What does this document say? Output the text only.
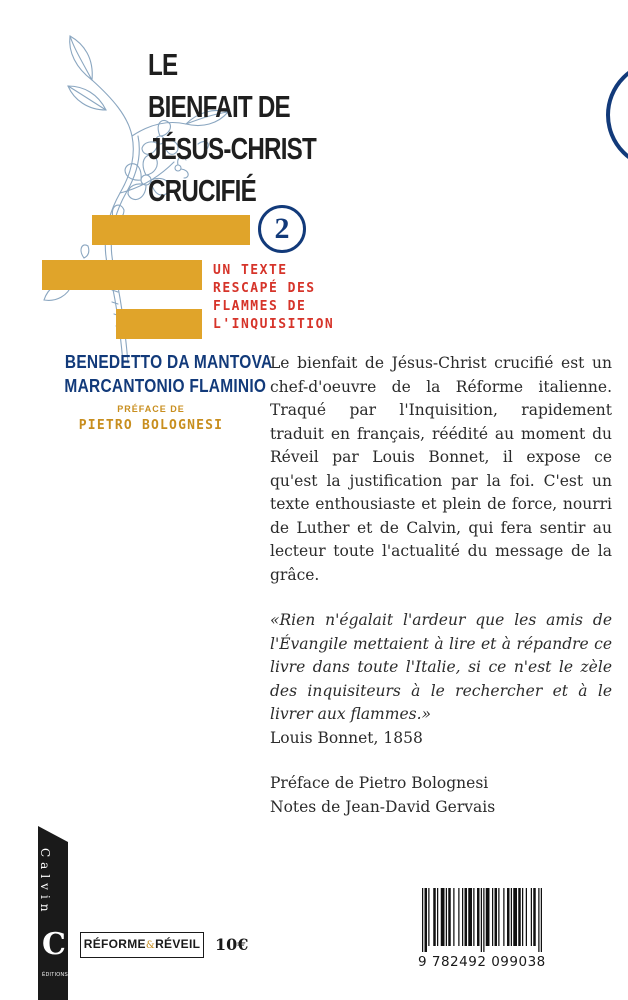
LE
BIENFAIT DE
JÉSUS-CHRIST
CRUCIFIÉ
2
UN TEXTE
RESCAPÉ DES
FLAMMES DE
L'INQUISITION
BENEDETTO DA MANTOVA
MARCANTONIO FLAMINIO
PRÉFACE DE
PIETRO BOLOGNESI

Le bienfait de Jésus-Christ crucifié est un chef-d'oeuvre de la Réforme italienne. Traqué par l'Inquisition, rapidement traduit en français, réédité au moment du Réveil par Louis Bonnet, il expose ce qu'est la justification par la foi. C'est un texte enthousiaste et plein de force, nourri de Luther et de Calvin, qui fera sentir au lecteur toute l'actualité du message de la grâce.

«Rien n'égalait l'ardeur que les amis de l'Évangile mettaient à lire et à répandre ce livre dans toute l'Italie, si ce n'est le zèle des inquisiteurs à le rechercher et à le livrer aux flammes.»
Louis Bonnet, 1858

Préface de Pietro Bolognesi
Notes de Jean-David Gervais

Calvin
C
ÉDITIONS
RÉFORME&RÉVEIL 10€
9 782492 099038
